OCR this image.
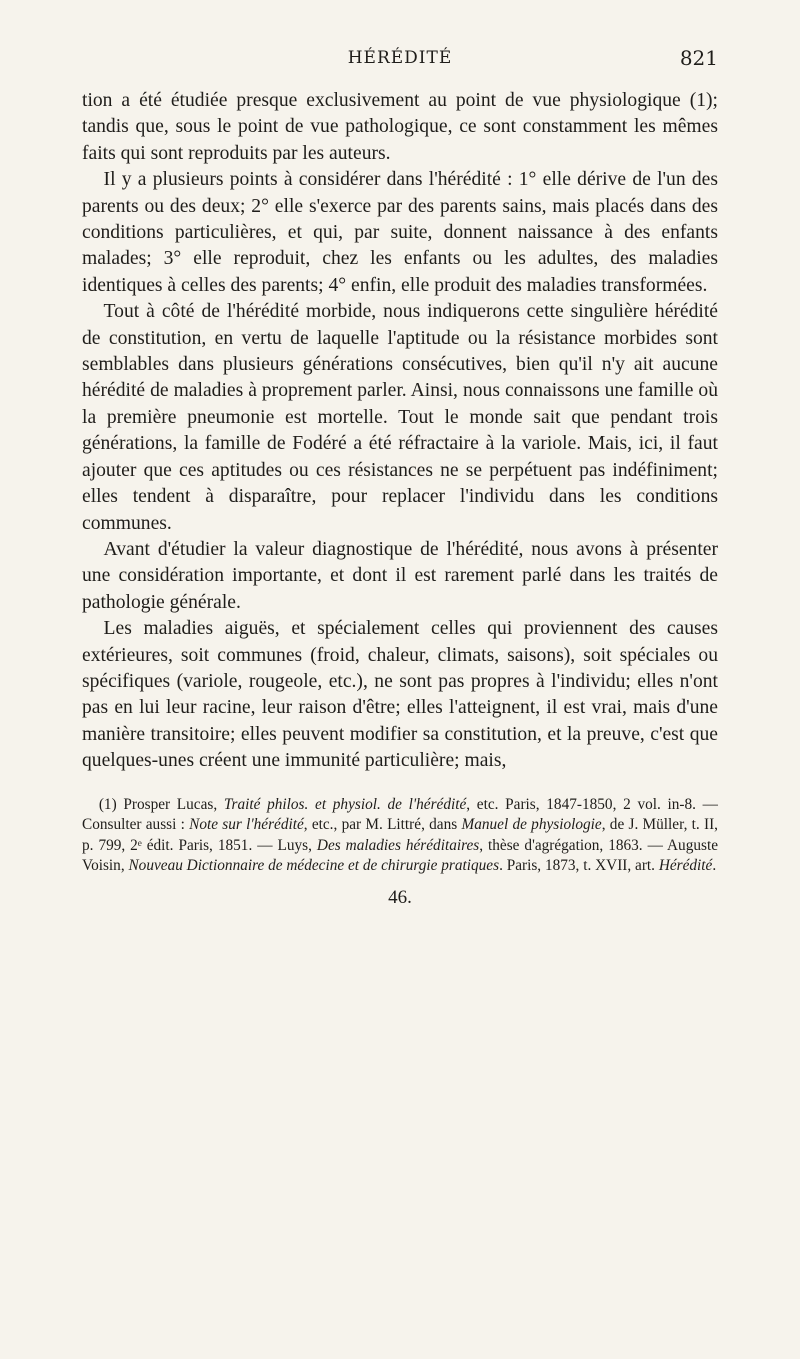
HÉRÉDITÉ	821

tion a été étudiée presque exclusivement au point de vue physiologique (1); tandis que, sous le point de vue pathologique, ce sont constamment les mêmes faits qui sont reproduits par les auteurs.

Il y a plusieurs points à considérer dans l'hérédité : 1° elle dérive de l'un des parents ou des deux; 2° elle s'exerce par des parents sains, mais placés dans des conditions particulières, et qui, par suite, donnent naissance à des enfants malades; 3° elle reproduit, chez les enfants ou les adultes, des maladies identiques à celles des parents; 4° enfin, elle produit des maladies transformées.

Tout à côté de l'hérédité morbide, nous indiquerons cette singulière hérédité de constitution, en vertu de laquelle l'aptitude ou la résistance morbides sont semblables dans plusieurs générations consécutives, bien qu'il n'y ait aucune hérédité de maladies à proprement parler. Ainsi, nous connaissons une famille où la première pneumonie est mortelle. Tout le monde sait que pendant trois générations, la famille de Fodéré a été réfractaire à la variole. Mais, ici, il faut ajouter que ces aptitudes ou ces résistances ne se perpétuent pas indéfiniment; elles tendent à disparaître, pour replacer l'individu dans les conditions communes.

Avant d'étudier la valeur diagnostique de l'hérédité, nous avons à présenter une considération importante, et dont il est rarement parlé dans les traités de pathologie générale.

Les maladies aiguës, et spécialement celles qui proviennent des causes extérieures, soit communes (froid, chaleur, climats, saisons), soit spéciales ou spécifiques (variole, rougeole, etc.), ne sont pas propres à l'individu; elles n'ont pas en lui leur racine, leur raison d'être; elles l'atteignent, il est vrai, mais d'une manière transitoire; elles peuvent modifier sa constitution, et la preuve, c'est que quelques-unes créent une immunité particulière; mais,

(1) Prosper Lucas, Traité philos. et physiol. de l'hérédité, etc. Paris, 1847-1850, 2 vol. in-8. — Consulter aussi : Note sur l'hérédité, etc., par M. Littré, dans Manuel de physiologie, de J. Müller, t. II, p. 799, 2ᵉ édit. Paris, 1851. — Luys, Des maladies héréditaires, thèse d'agrégation, 1863. — Auguste Voisin, Nouveau Dictionnaire de médecine et de chirurgie pratiques. Paris, 1873, t. XVII, art. Hérédité.
46.
